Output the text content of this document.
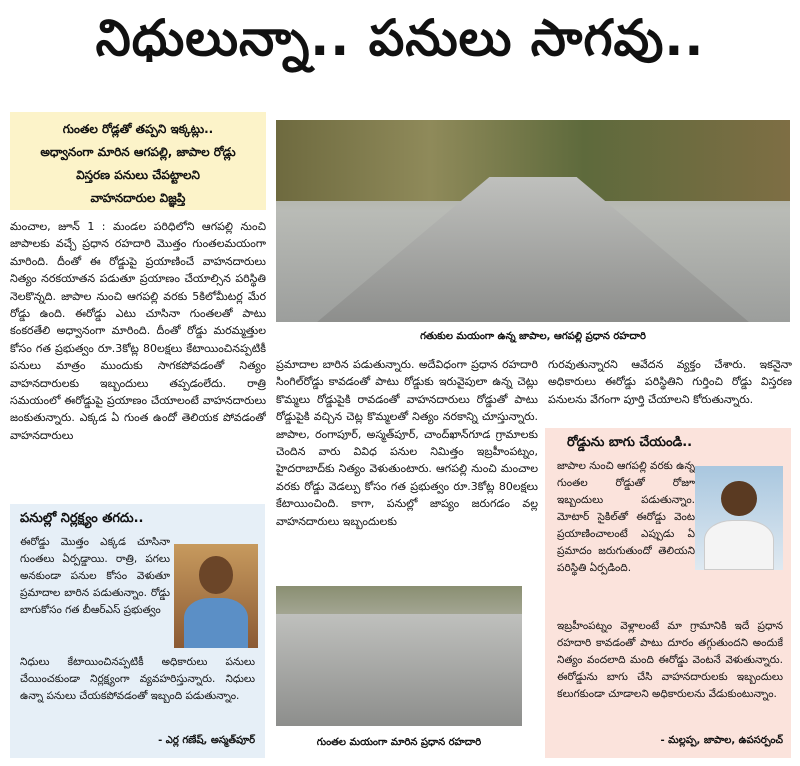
నిధులున్నా.. పనులు సాగవు..
గుంతల రోడ్లతో తప్పని ఇక్కట్లు..
అధ్వానంగా మారిన ఆగపల్లి, జాపాల రోడ్లు
విస్తరణ పనులు చేపట్టాలని
వాహనదారుల విజ్ఞప్తి
మంచాల, జూన్ 1 : మండల పరిధిలోని ఆగపల్లి నుంచి జాపాలకు వచ్చే ప్రధాన రహదారి మొత్తం గుంతలమయంగా మారింది. దీంతో ఈ రోడ్డుపై ప్రయాణించే వాహనదారులు నిత్యం నరకయాతన పడుతూ ప్రయాణం చేయాల్సిన పరిస్థితి నెలకొన్నది. జాపాల నుంచి ఆగపల్లి వరకు 5కిలోమీటర్ల మేర రోడ్డు ఉంది. ఈరోడ్డు ఎటు చూసినా గుంతలతో పాటు కంకరతేలి అధ్వానంగా మారింది. దీంతో రోడ్డు మరమ్మత్తుల కోసం గత ప్రభుత్వం రూ.3కోట్ల 80లక్షలు కేటాయించినప్పటికీ పనులు మాత్రం ముందుకు సాగకపోవడంతో నిత్యం వాహనదారులకు ఇబ్బందులు తప్పడంలేదు. రాత్రి సమయంలో ఈరోడ్డుపై ప్రయాణం చేయాలంటే వాహనదారులు జంకుతున్నారు. ఎక్కడ ఏ గుంత ఉందో తెలియక పోవడంతో వాహనదారులు
గతుకుల మయంగా ఉన్న జాపాల, ఆగపల్లి ప్రధాన రహదారి
ప్రమాదాల బారిన పడుతున్నారు. అదేవిధంగా ప్రధాన రహదారి సింగిల్‌రోడ్డు కావడంతో పాటు రోడ్డుకు ఇరువైపులా ఉన్న చెట్లు కొమ్మలు రోడ్డుపైకి రావడంతో వాహనదారులు రోడ్డుతో పాటు రోడ్డుపైకి వచ్చిన చెట్ల కొమ్మలతో నిత్యం నరకాన్ని చూస్తున్నారు. జాపాల, రంగాపూర్, అస్మత్‌పూర్, చాంద్‌ఖాన్‌గూడ గ్రామాలకు చెందిన వారు వివిధ పనుల నిమిత్తం ఇబ్రహీంపట్నం, హైదరాబాద్‌కు నిత్యం వెళుతుంటారు. ఆగపల్లి నుంచి మంచాల వరకు రోడ్డు వెడల్పు కోసం గత ప్రభుత్వం రూ.3కోట్ల 80లక్షలు కేటాయించింది. కాగా, పనుల్లో జాప్యం జరుగడం వల్ల వాహనదారులు ఇబ్బందులకు
గురవుతున్నారని ఆవేదన వ్యక్తం చేశారు. ఇకనైనా అధికారులు ఈరోడ్డు పరిస్థితిని గుర్తించి రోడ్డు విస్తరణ పనులను వేగంగా పూర్తి చేయాలని కోరుతున్నారు.
గుంతల మయంగా మారిన ప్రధాన రహదారి
పనుల్లో నిర్లక్ష్యం తగదు..
ఈరోడ్డు మొత్తం ఎక్కడ చూసినా గుంతలు ఏర్పడ్డాయి. రాత్రి, పగలు అనకుండా పనుల కోసం వెళుతూ ప్రమాదాల బారిన పడుతున్నాం. రోడ్డు బాగుకోసం గత బీఆర్ఎస్ ప్రభుత్వం
నిధులు కేటాయించినప్పటికీ అధికారులు పనులు చేయించకుండా నిర్లక్ష్యంగా వ్యవహరిస్తున్నారు. నిధులు ఉన్నా పనులు చేయకపోవడంతో ఇబ్బంది పడుతున్నాం.
- ఎర్ల గణేష్, అస్మత్‌పూర్
రోడ్డును బాగు చేయండి..
జాపాల నుంచి ఆగపల్లి వరకు ఉన్న గుంతల రోడ్డుతో రోజూ ఇబ్బందులు పడుతున్నాం. మోటార్ సైకిల్‌తో ఈరోడ్డు వెంట ప్రయాణించాలంటే ఎప్పుడు ఏ ప్రమాదం జరుగుతుందో తెలియని పరిస్థితి ఏర్పడింది.
ఇబ్రహీంపట్నం వెళ్లాలంటే మా గ్రామానికి ఇదే ప్రధాన రహదారి కావడంతో పాటు దూరం తగ్గుతుందని అందుకే నిత్యం వందలాది మంది ఈరోడ్డు వెంటనే వెళుతున్నారు. ఈరోడ్డును బాగు చేసి వాహనదారులకు ఇబ్బందులు కలుగకుండా చూడాలని అధికారులను వేడుకుంటున్నాం.
- మల్లప్ప, జాపాల, ఉపసర్పంచ్
